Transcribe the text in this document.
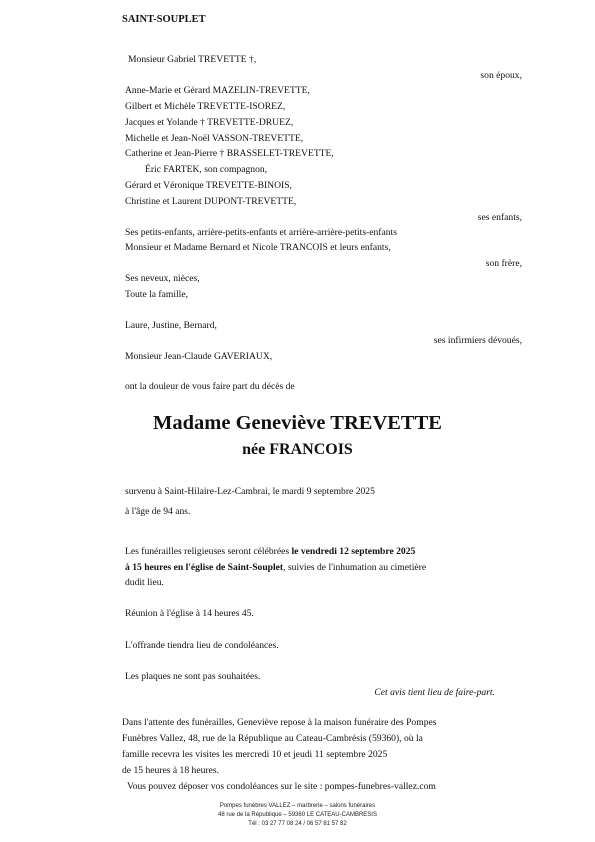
SAINT-SOUPLET
Monsieur Gabriel TREVETTE †,
son époux,
Anne-Marie et Gérard MAZELIN-TREVETTE,
Gilbert et Michèle TREVETTE-ISOREZ,
Jacques et Yolande † TREVETTE-DRUEZ,
Michelle et Jean-Noël VASSON-TREVETTE,
Catherine et Jean-Pierre † BRASSELET-TREVETTE,
Éric FARTEK, son compagnon,
Gérard et Véronique TREVETTE-BINOIS,
Christine et Laurent DUPONT-TREVETTE,
ses enfants,
Ses petits-enfants, arrière-petits-enfants et arrière-arrière-petits-enfants
Monsieur et Madame Bernard et Nicole TRANCOIS et leurs enfants,
son frère,
Ses neveux, nièces,
Toute la famille,
Laure, Justine, Bernard,
ses infirmiers dévoués,
Monsieur Jean-Claude GAVERIAUX,
ont la douleur de vous faire part du décès de
Madame Geneviève TREVETTE
née FRANCOIS
survenu à Saint-Hilaire-Lez-Cambrai, le mardi 9 septembre 2025
à l'âge de 94 ans.
Les funérailles religieuses seront célébrées le vendredi 12 septembre 2025
à 15 heures en l'église de Saint-Souplet, suivies de l'inhumation au cimetière
dudit lieu.
Réunion à l'église à 14 heures 45.
L'offrande tiendra lieu de condoléances.
Les plaques ne sont pas souhaitées.
Cet avis tient lieu de faire-part.
Dans l'attente des funérailles, Geneviève repose à la maison funéraire des Pompes
Funèbres Vallez, 48, rue de la République au Cateau-Cambrésis (59360), où la
famille recevra les visites les mercredi 10 et jeudi 11 septembre 2025
de 15 heures à 18 heures.
Vous pouvez déposer vos condoléances sur le site : pompes-funebres-vallez.com
Pompes funèbres VALLEZ – marbrerie – salons funéraires
48 rue de la République – 59360 LE CATEAU-CAMBRESIS
Tél : 03 27 77 08 24 / 06 57 81 57 82
